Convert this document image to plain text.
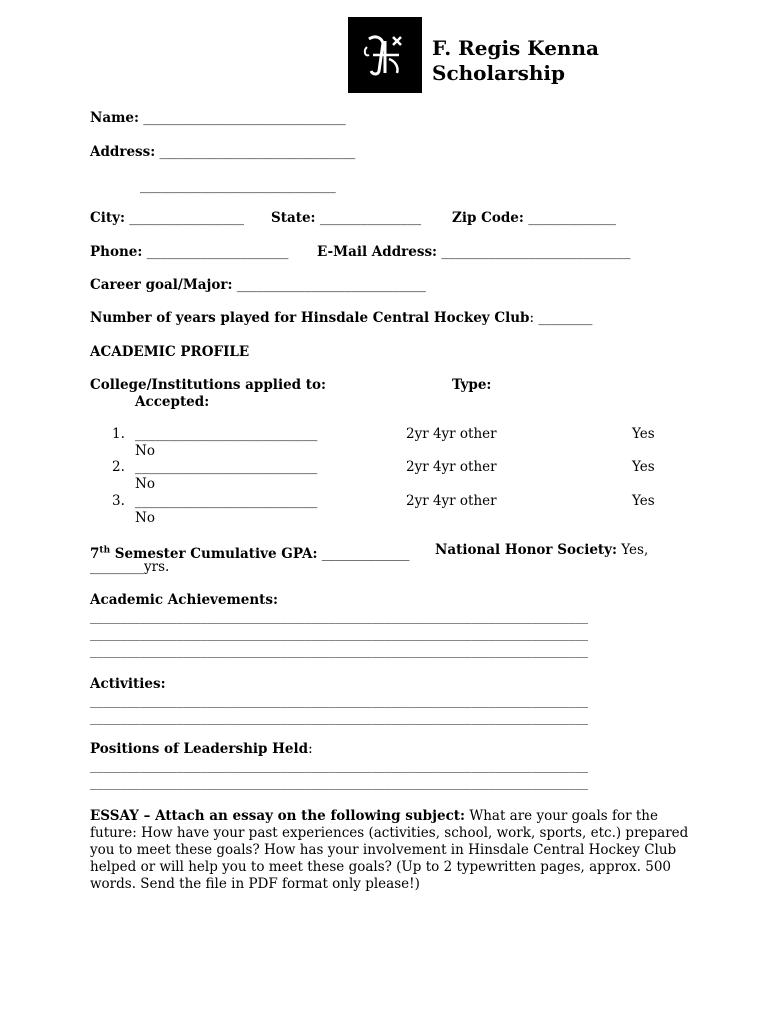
F. Regis Kenna
Scholarship
Name: ______________________________
Address: _____________________________
_____________________________
City: _________________ State: _______________ Zip Code: _____________
Phone: _____________________ E-Mail Address: ____________________________
Career goal/Major: ____________________________
Number of years played for Hinsdale Central Hockey Club: ________
ACADEMIC PROFILE
College/Institutions applied to:	Type:
Accepted:
1. ___________________________	2yr 4yr other	Yes
No
2. ___________________________	2yr 4yr other	Yes
No
3. ___________________________	2yr 4yr other	Yes
No
7th Semester Cumulative GPA: _____________ National Honor Society: Yes,
________yrs.
Academic Achievements:
_________________________________________________________________________________
_________________________________________________________________________________
_________________________________________________________________________________
Activities:
_________________________________________________________________________________
_________________________________________________________________________________
Positions of Leadership Held:
_________________________________________________________________________________
_________________________________________________________________________________
ESSAY – Attach an essay on the following subject: What are your goals for the future: How have your past experiences (activities, school, work, sports, etc.) prepared you to meet these goals? How has your involvement in Hinsdale Central Hockey Club helped or will help you to meet these goals? (Up to 2 typewritten pages, approx. 500 words. Send the file in PDF format only please!)
